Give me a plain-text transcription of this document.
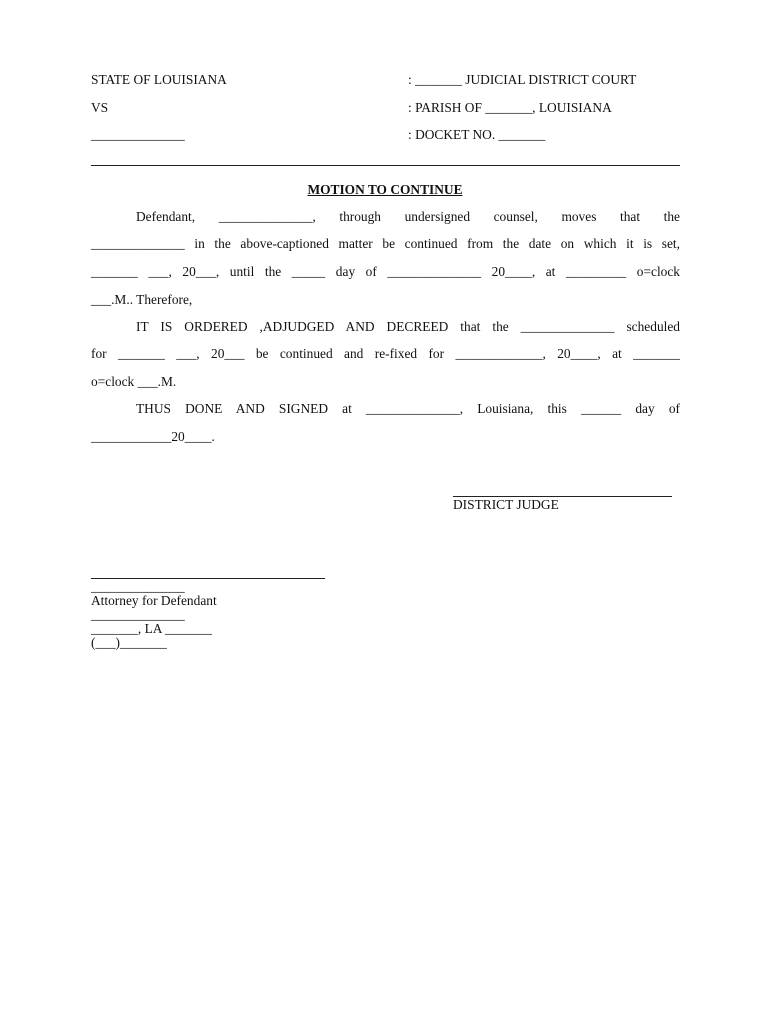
STATE OF LOUISIANA
VS
______________
: _______ JUDICIAL DISTRICT COURT
: PARISH OF _______, LOUISIANA
: DOCKET NO. _______
MOTION TO CONTINUE
Defendant, ______________, through undersigned counsel, moves that the
______________ in the above-captioned matter be continued from the date on which it is set,
_______ ___, 20___, until the _____ day of ______________ 20____, at _________ o=clock
___.M.. Therefore,
IT IS ORDERED ,ADJUDGED AND DECREED that the ______________ scheduled
for _______ ___, 20___ be continued and re-fixed for _____________, 20____, at _______
o=clock ___.M.
THUS DONE AND SIGNED at ______________, Louisiana, this ______ day of
____________20____.
DISTRICT JUDGE
______________
Attorney for Defendant
______________
_______, LA _______
(___)_______
